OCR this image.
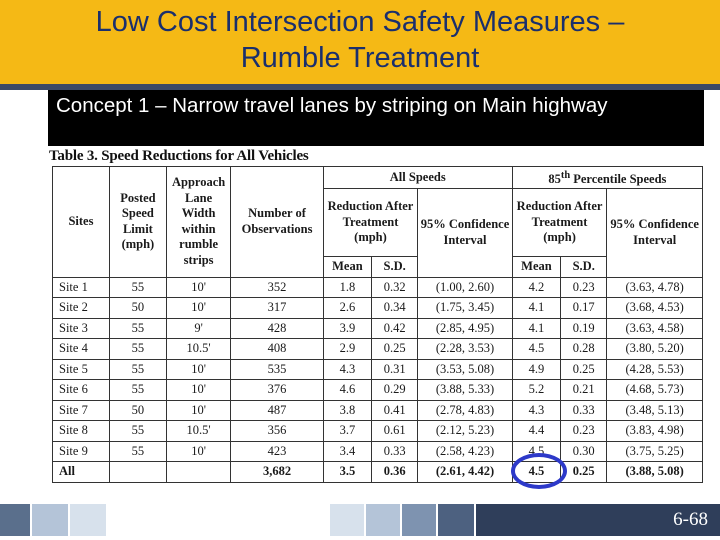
Low Cost Intersection Safety Measures –
Rumble Treatment
Concept 1 – Narrow travel lanes by striping on Main highway
Table 3. Speed Reductions for All Vehicles
Sites	Posted Speed Limit (mph)	Approach Lane Width within rumble strips	Number of Observations	All Speeds			85th Percentile Speeds		
				Reduction After Treatment (mph)		95% Confidence Interval	Reduction After Treatment (mph)		95% Confidence Interval
				Mean	S.D.		Mean	S.D.	
Site 1	55	10'	352	1.8	0.32	(1.00, 2.60)	4.2	0.23	(3.63, 4.78)
Site 2	50	10'	317	2.6	0.34	(1.75, 3.45)	4.1	0.17	(3.68, 4.53)
Site 3	55	9'	428	3.9	0.42	(2.85, 4.95)	4.1	0.19	(3.63, 4.58)
Site 4	55	10.5'	408	2.9	0.25	(2.28, 3.53)	4.5	0.28	(3.80, 5.20)
Site 5	55	10'	535	4.3	0.31	(3.53, 5.08)	4.9	0.25	(4.28, 5.53)
Site 6	55	10'	376	4.6	0.29	(3.88, 5.33)	5.2	0.21	(4.68, 5.73)
Site 7	50	10'	487	3.8	0.41	(2.78, 4.83)	4.3	0.33	(3.48, 5.13)
Site 8	55	10.5'	356	3.7	0.61	(2.12, 5.23)	4.4	0.23	(3.83, 4.98)
Site 9	55	10'	423	3.4	0.33	(2.58, 4.23)	4.5	0.30	(3.75, 5.25)
All			3,682	3.5	0.36	(2.61, 4.42)	4.5	0.25	(3.88, 5.08)
6-68
